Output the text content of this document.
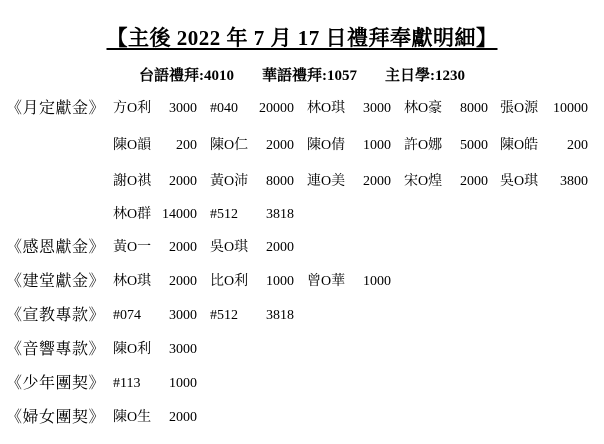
【主後 2022 年 7 月 17 日禮拜奉獻明細】
台語禮拜:4010 華語禮拜:1057 主日學:1230
《月定獻金》 方O利	3000 #040	20000 林O琪	3000 林O豪	8000 張O源	10000
陳O韻	200 陳O仁	2000 陳O倩	1000 許O娜	5000 陳O皓	200
謝O祺	2000 黃O沛	8000 連O美	2000 宋O煌	2000 吳O琪	3800
林O群 14000 #512	3818
《感恩獻金》 黃O一	2000 吳O琪	2000
《建堂獻金》 林O琪	2000 比O利	1000 曾O華	1000
《宣教專款》 #074	3000 #512	3818
《音響專款》 陳O利	3000
《少年團契》 #113	1000
《婦女團契》 陳O生	2000
